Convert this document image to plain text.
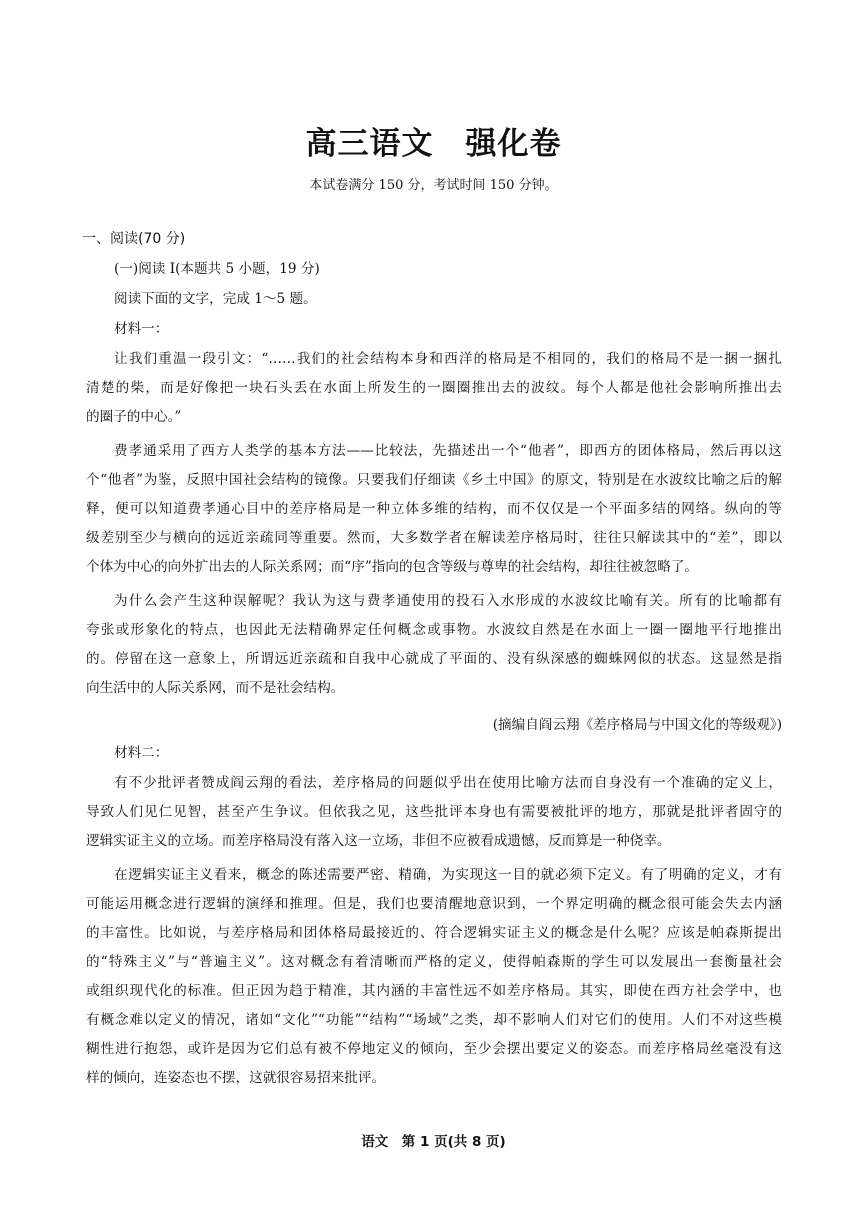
高三语文　强化卷
本试卷满分 150 分，考试时间 150 分钟。
一、阅读(70 分)
(一)阅读 Ⅰ(本题共 5 小题，19 分)
阅读下面的文字，完成 1～5 题。
材料一：
让我们重温一段引文：“……我们的社会结构本身和西洋的格局是不相同的，我们的格局不是一捆一捆扎
清楚的柴，而是好像把一块石头丢在水面上所发生的一圈圈推出去的波纹。每个人都是他社会影响所推出去
的圈子的中心。”
费孝通采用了西方人类学的基本方法——比较法，先描述出一个“他者”，即西方的团体格局，然后再以这
个“他者”为鉴，反照中国社会结构的镜像。只要我们仔细读《乡土中国》的原文，特别是在水波纹比喻之后的解
释，便可以知道费孝通心目中的差序格局是一种立体多维的结构，而不仅仅是一个平面多结的网络。纵向的等
级差别至少与横向的远近亲疏同等重要。然而，大多数学者在解读差序格局时，往往只解读其中的“差”，即以
个体为中心的向外扩出去的人际关系网；而“序”指向的包含等级与尊卑的社会结构，却往往被忽略了。
为什么会产生这种误解呢？我认为这与费孝通使用的投石入水形成的水波纹比喻有关。所有的比喻都有
夸张或形象化的特点，也因此无法精确界定任何概念或事物。水波纹自然是在水面上一圈一圈地平行地推出
的。停留在这一意象上，所谓远近亲疏和自我中心就成了平面的、没有纵深感的蜘蛛网似的状态。这显然是指
向生活中的人际关系网，而不是社会结构。
(摘编自阎云翔《差序格局与中国文化的等级观》)
材料二：
有不少批评者赞成阎云翔的看法，差序格局的问题似乎出在使用比喻方法而自身没有一个准确的定义上，
导致人们见仁见智，甚至产生争议。但依我之见，这些批评本身也有需要被批评的地方，那就是批评者固守的
逻辑实证主义的立场。而差序格局没有落入这一立场，非但不应被看成遗憾，反而算是一种侥幸。
在逻辑实证主义看来，概念的陈述需要严密、精确，为实现这一目的就必须下定义。有了明确的定义，才有
可能运用概念进行逻辑的演绎和推理。但是，我们也要清醒地意识到，一个界定明确的概念很可能会失去内涵
的丰富性。比如说，与差序格局和团体格局最接近的、符合逻辑实证主义的概念是什么呢？应该是帕森斯提出
的“特殊主义”与“普遍主义”。这对概念有着清晰而严格的定义，使得帕森斯的学生可以发展出一套衡量社会
或组织现代化的标准。但正因为趋于精准，其内涵的丰富性远不如差序格局。其实，即使在西方社会学中，也
有概念难以定义的情况，诸如“文化”“功能”“结构”“场域”之类，却不影响人们对它们的使用。人们不对这些模
糊性进行抱怨，或许是因为它们总有被不停地定义的倾向，至少会摆出要定义的姿态。而差序格局丝毫没有这
样的倾向，连姿态也不摆，这就很容易招来批评。
语文　第 1 页(共 8 页)
